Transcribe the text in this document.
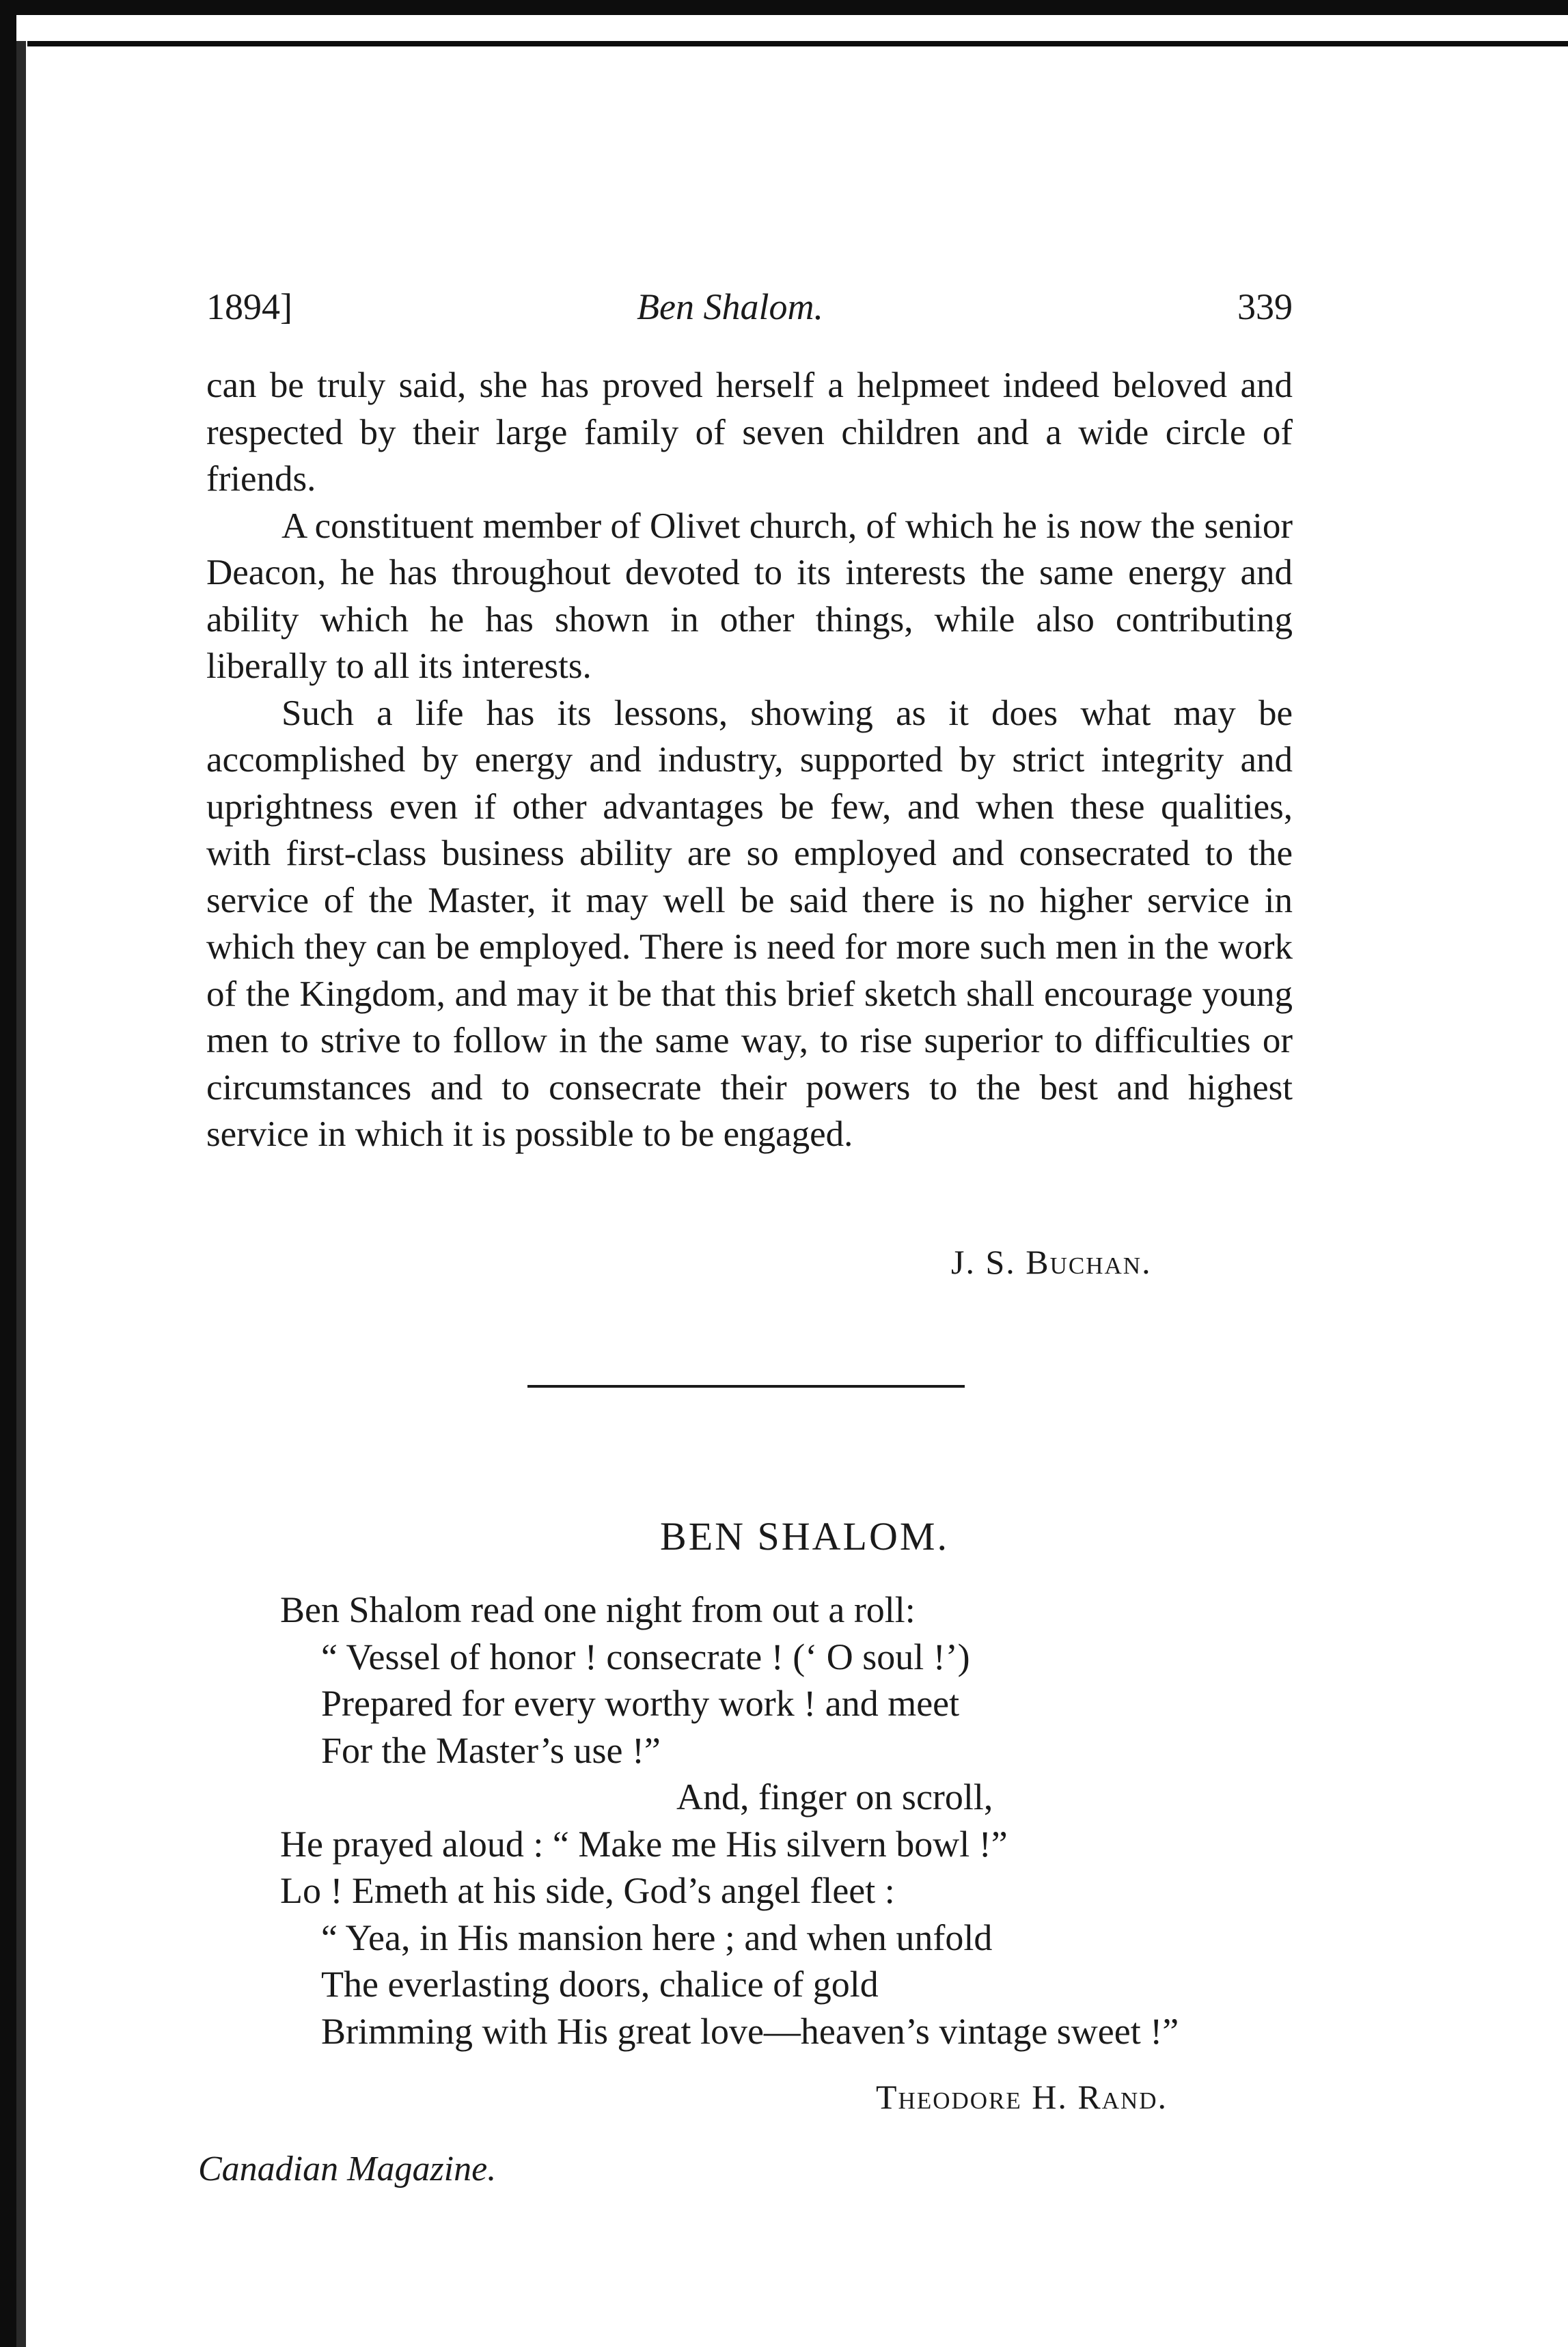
1894]	Ben Shalom.	339

can be truly said, she has proved herself a helpmeet indeed beloved and respected by their large family of seven children and a wide circle of friends.

A constituent member of Olivet church, of which he is now the senior Deacon, he has throughout devoted to its interests the same energy and ability which he has shown in other things, while also contributing liberally to all its interests.

Such a life has its lessons, showing as it does what may be accomplished by energy and industry, supported by strict integrity and uprightness even if other advantages be few, and when these qualities, with first-class business ability are so employed and consecrated to the service of the Master, it may well be said there is no higher service in which they can be employed. There is need for more such men in the work of the Kingdom, and may it be that this brief sketch shall encourage young men to strive to follow in the same way, to rise superior to difficulties or circumstances and to consecrate their powers to the best and highest service in which it is possible to be engaged.

J. S. Buchan.
BEN SHALOM.
Ben Shalom read one night from out a roll:
“ Vessel of honor ! consecrate ! (‘ O soul !’)
Prepared for every worthy work ! and meet
For the Master’s use !”
And, finger on scroll,
He prayed aloud : “ Make me His silvern bowl !”
Lo ! Emeth at his side, God’s angel fleet :
“ Yea, in His mansion here ; and when unfold
The everlasting doors, chalice of gold
Brimming with His great love—heaven’s vintage sweet !”
Theodore H. Rand.
Canadian Magazine.
